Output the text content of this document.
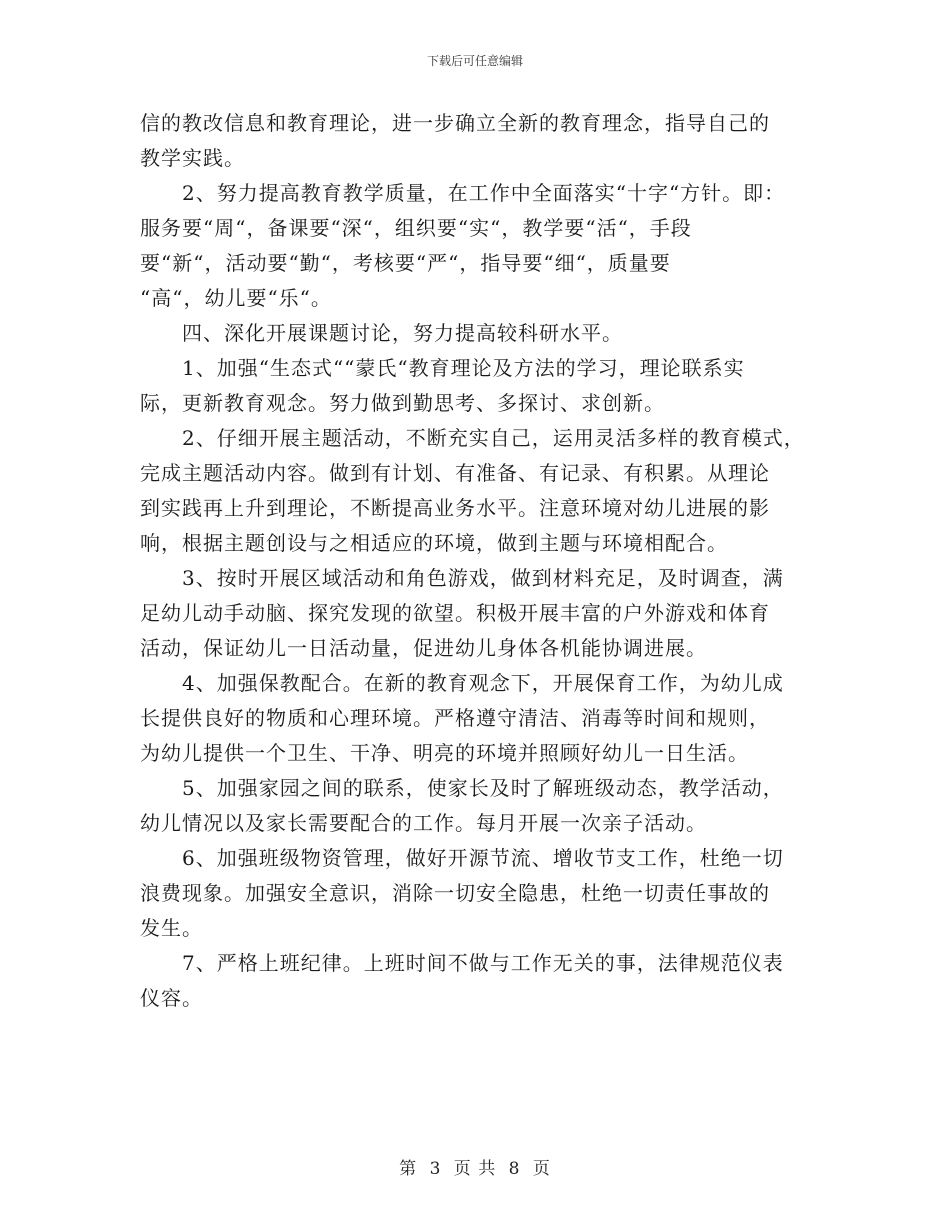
下载后可任意编辑

信的教改信息和教育理论，进一步确立全新的教育理念，指导自己的
教学实践。

　　2、努力提高教育教学质量，在工作中全面落实“十字“方针。即：
服务要“周“，备课要“深“，组织要“实“，教学要“活“，手段
要“新“，活动要“勤“，考核要“严“，指导要“细“，质量要
“高“，幼儿要“乐“。

　　四、深化开展课题讨论，努力提高较科研水平。

　　1、加强“生态式““蒙氏“教育理论及方法的学习，理论联系实
际，更新教育观念。努力做到勤思考、多探讨、求创新。

　　2、仔细开展主题活动，不断充实自己，运用灵活多样的教育模式，
完成主题活动内容。做到有计划、有准备、有记录、有积累。从理论
到实践再上升到理论，不断提高业务水平。注意环境对幼儿进展的影
响，根据主题创设与之相适应的环境，做到主题与环境相配合。

　　3、按时开展区域活动和角色游戏，做到材料充足，及时调查，满
足幼儿动手动脑、探究发现的欲望。积极开展丰富的户外游戏和体育
活动，保证幼儿一日活动量，促进幼儿身体各机能协调进展。

　　4、加强保教配合。在新的教育观念下，开展保育工作，为幼儿成
长提供良好的物质和心理环境。严格遵守清洁、消毒等时间和规则，
为幼儿提供一个卫生、干净、明亮的环境并照顾好幼儿一日生活。

　　5、加强家园之间的联系，使家长及时了解班级动态，教学活动，
幼儿情况以及家长需要配合的工作。每月开展一次亲子活动。

　　6、加强班级物资管理，做好开源节流、增收节支工作，杜绝一切
浪费现象。加强安全意识，消除一切安全隐患，杜绝一切责任事故的
发生。

　　7、严格上班纪律。上班时间不做与工作无关的事，法律规范仪表
仪容。

第 3 页 共 8 页
